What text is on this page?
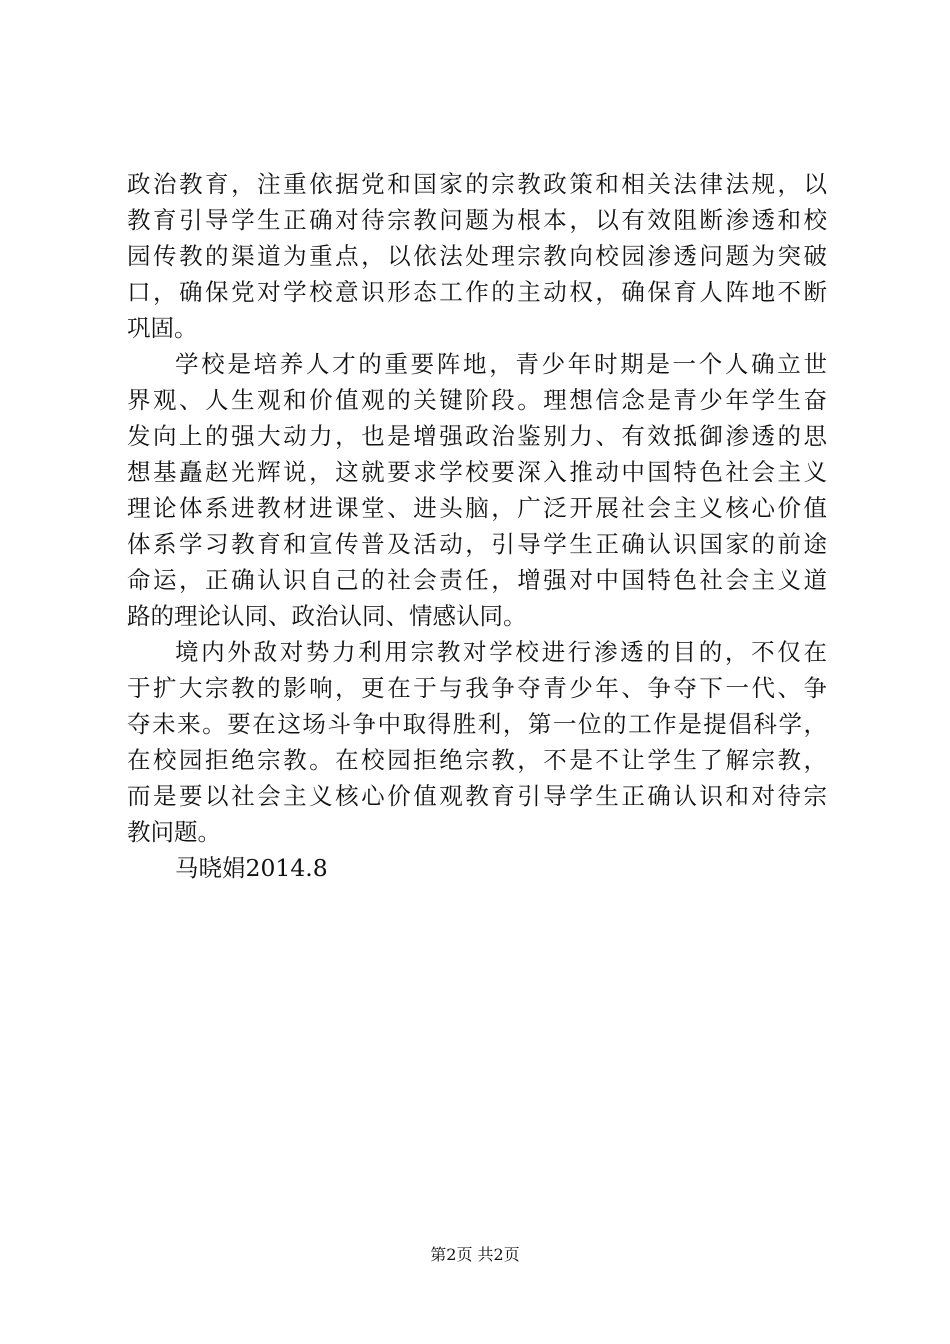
政治教育，注重依据党和国家的宗教政策和相关法律法规，以
教育引导学生正确对待宗教问题为根本，以有效阻断渗透和校
园传教的渠道为重点，以依法处理宗教向校园渗透问题为突破
口，确保党对学校意识形态工作的主动权，确保育人阵地不断
巩固。
学校是培养人才的重要阵地，青少年时期是一个人确立世
界观、人生观和价值观的关键阶段。理想信念是青少年学生奋
发向上的强大动力，也是增强政治鉴别力、有效抵御渗透的思
想基矗赵光辉说，这就要求学校要深入推动中国特色社会主义
理论体系进教材进课堂、进头脑，广泛开展社会主义核心价值
体系学习教育和宣传普及活动，引导学生正确认识国家的前途
命运，正确认识自己的社会责任，增强对中国特色社会主义道
路的理论认同、政治认同、情感认同。
境内外敌对势力利用宗教对学校进行渗透的目的，不仅在
于扩大宗教的影响，更在于与我争夺青少年、争夺下一代、争
夺未来。要在这场斗争中取得胜利，第一位的工作是提倡科学，
在校园拒绝宗教。在校园拒绝宗教，不是不让学生了解宗教，
而是要以社会主义核心价值观教育引导学生正确认识和对待宗
教问题。
马晓娟2014.8
第2页 共2页
